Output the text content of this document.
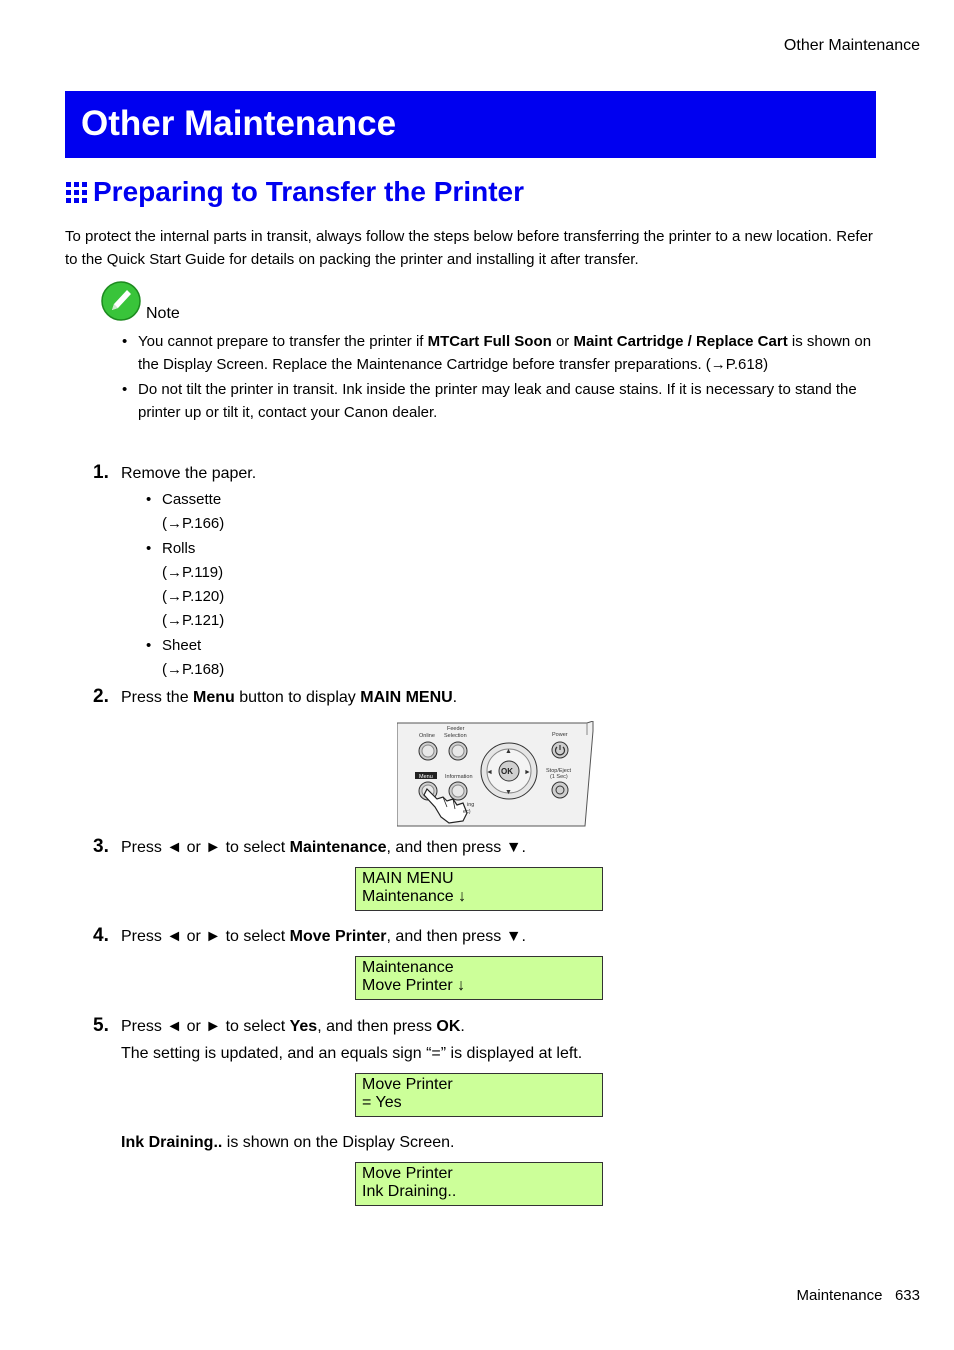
Other Maintenance
Other Maintenance
Preparing to Transfer the Printer
To protect the internal parts in transit, always follow the steps below before transferring the printer to a new location. Refer to the Quick Start Guide for details on packing the printer and installing it after transfer.
Note
• You cannot prepare to transfer the printer if MTCart Full Soon or Maint Cartridge / Replace Cart is shown on the Display Screen. Replace the Maintenance Cartridge before transfer preparations. (→P.618)
• Do not tilt the printer in transit. Ink inside the printer may leak and cause stains. If it is necessary to stand the printer up or tilt it, contact your Canon dealer.
1. Remove the paper.
• Cassette
(→P.166)
• Rolls
(→P.119)
(→P.120)
(→P.121)
• Sheet
(→P.168)
2. Press the Menu button to display MAIN MENU.
Online
Feeder
Selection	Power
Information
Stop/Eject
(1 Sec)
Menu
OK
▲
▼
◄	►
ing
ec)
3. Press ◄ or ► to select Maintenance, and then press ▼.
MAIN MENU
Maintenance ↓
4. Press ◄ or ► to select Move Printer, and then press ▼.
Maintenance
Move Printer ↓
5. Press ◄ or ► to select Yes, and then press OK.
The setting is updated, and an equals sign “=” is displayed at left.
Move Printer
= Yes
Ink Draining.. is shown on the Display Screen.
Move Printer
Ink Draining..
Maintenance 633
